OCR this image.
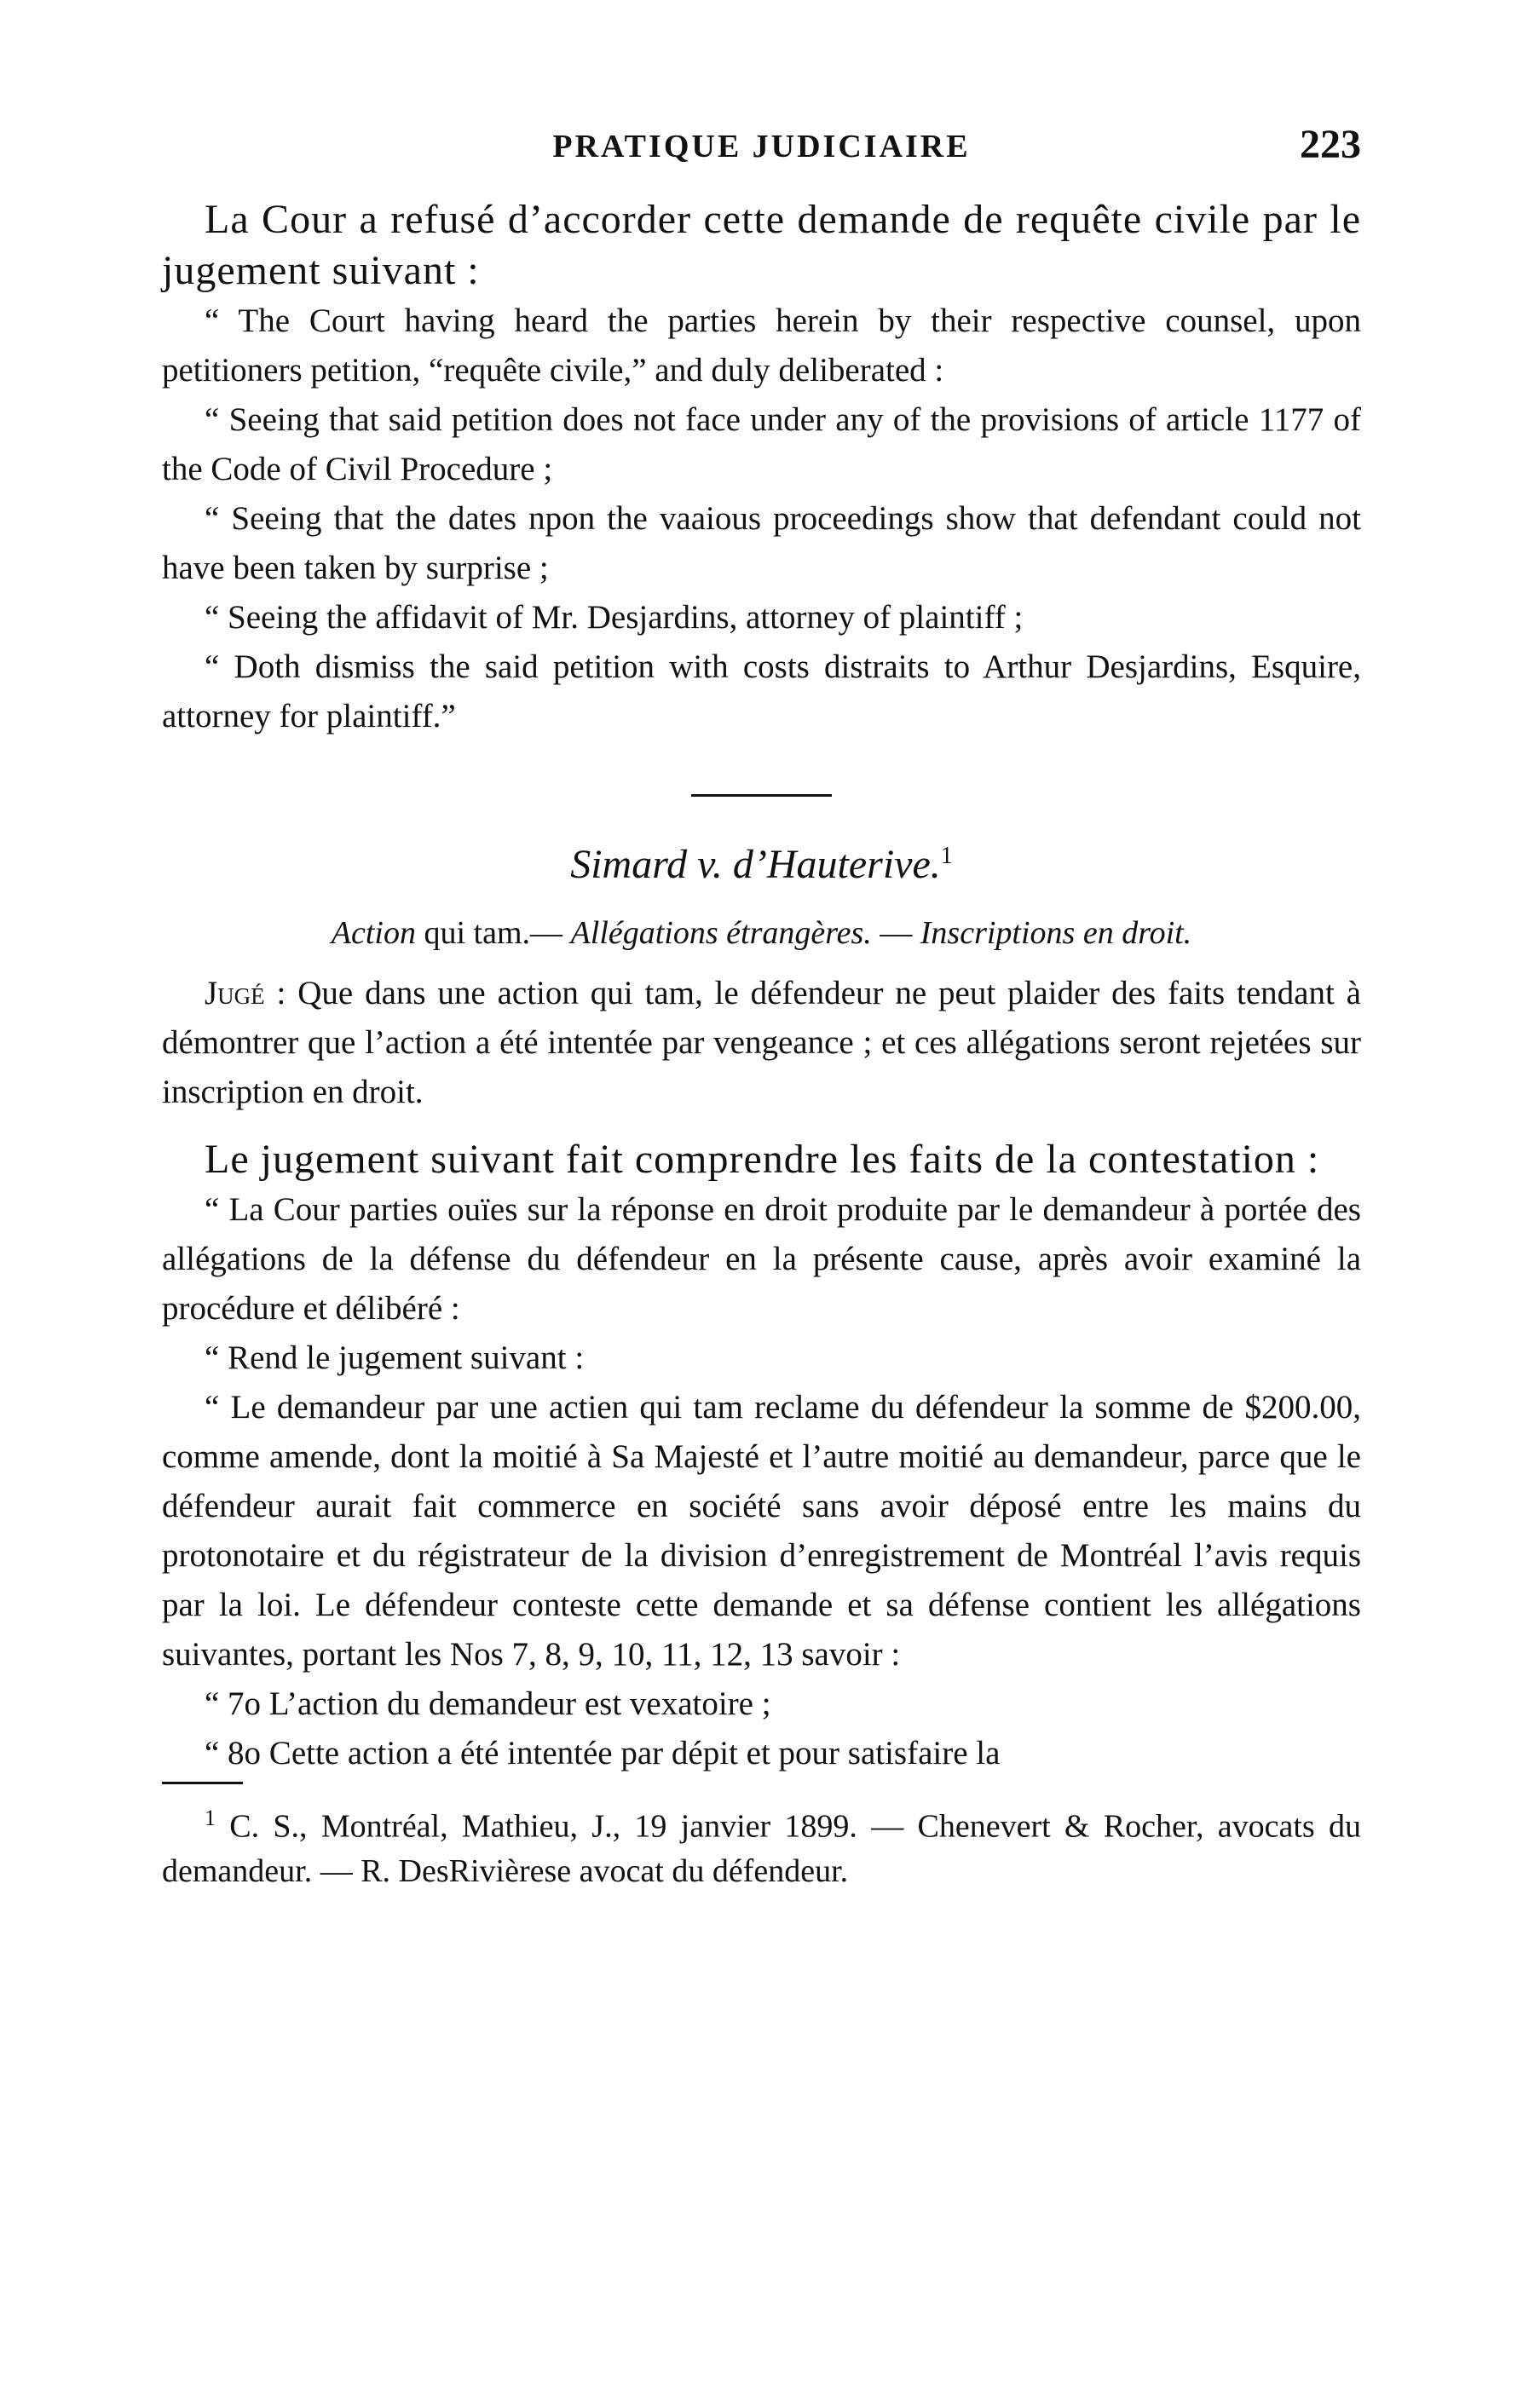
PRATIQUE JUDICIAIRE	223

La Cour a refusé d’accorder cette demande de requête civile par le jugement suivant :

“ The Court having heard the parties herein by their respective counsel, upon petitioners petition, “requête civile,” and duly deliberated :

“ Seeing that said petition does not face under any of the provisions of article 1177 of the Code of Civil Procedure ;

“ Seeing that the dates npon the vaaious proceedings show that defendant could not have been taken by surprise ;

“ Seeing the affidavit of Mr. Desjardins, attorney of plaintiff ;

“ Doth dismiss the said petition with costs distraits to Arthur Desjardins, Esquire, attorney for plaintiff.”

Simard v. d’Hauterive.$^1$
Action qui tam.— Allégations étrangères. — Inscriptions en droit.

Jugé : Que dans une action qui tam, le défendeur ne peut plaider des faits tendant à démontrer que l’action a été intentée par vengeance ; et ces allégations seront rejetées sur inscription en droit.

Le jugement suivant fait comprendre les faits de la contestation :

“ La Cour parties ouïes sur la réponse en droit produite par le demandeur à portée des allégations de la défense du défendeur en la présente cause, après avoir examiné la procédure et délibéré :

“ Rend le jugement suivant :

“ Le demandeur par une actien qui tam reclame du défendeur la somme de $200.00, comme amende, dont la moitié à Sa Majesté et l’autre moitié au demandeur, parce que le défendeur aurait fait commerce en société sans avoir déposé entre les mains du protonotaire et du régistrateur de la division d’enregistrement de Montréal l’avis requis par la loi. Le défendeur conteste cette demande et sa défense contient les allégations suivantes, portant les Nos 7, 8, 9, 10, 11, 12, 13 savoir :

“ 7o L’action du demandeur est vexatoire ;

“ 8o Cette action a été intentée par dépit et pour satisfaire la

$^1$ C. S., Montréal, Mathieu, J., 19 janvier 1899. — Chenevert & Rocher, avocats du demandeur. — R. DesRivièrese avocat du défendeur.
